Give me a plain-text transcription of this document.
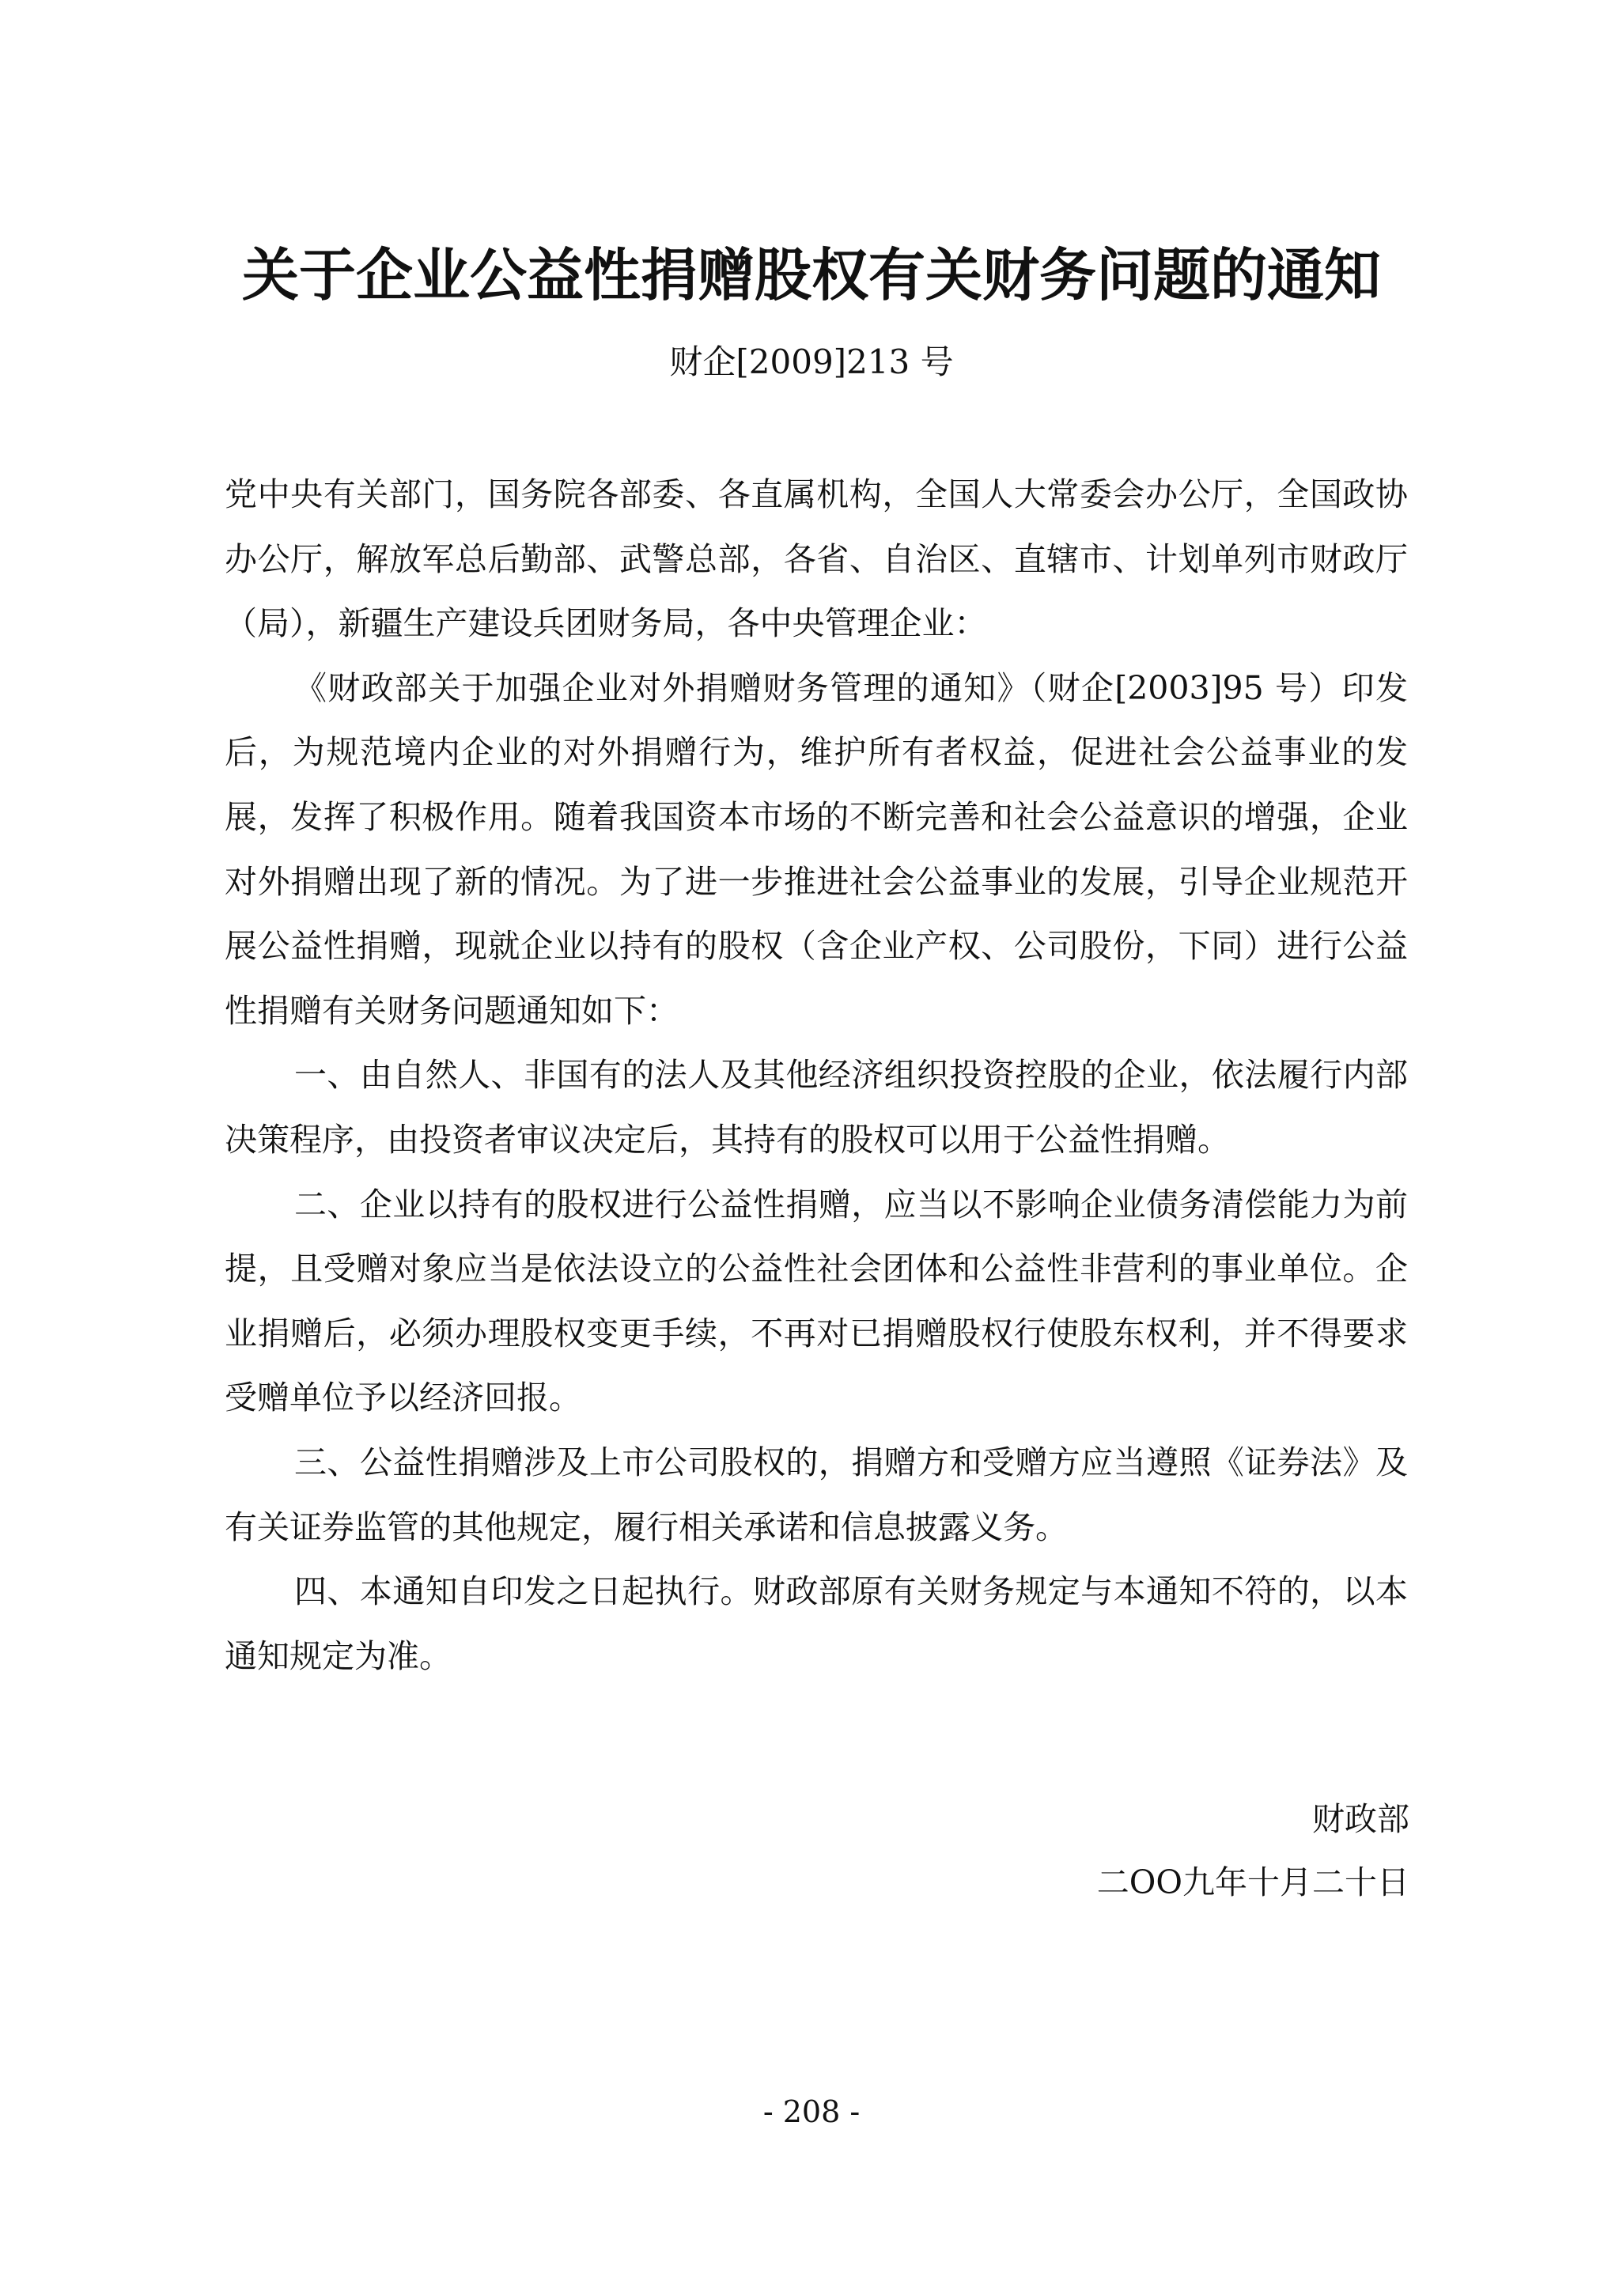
关于企业公益性捐赠股权有关财务问题的通知
财企[2009]213 号

党中央有关部门，国务院各部委、各直属机构，全国人大常委会办公厅，全国政协办公厅，解放军总后勤部、武警总部，各省、自治区、直辖市、计划单列市财政厅（局），新疆生产建设兵团财务局，各中央管理企业：

《财政部关于加强企业对外捐赠财务管理的通知》（财企[2003]95 号）印发后，为规范境内企业的对外捐赠行为，维护所有者权益，促进社会公益事业的发展，发挥了积极作用。随着我国资本市场的不断完善和社会公益意识的增强，企业对外捐赠出现了新的情况。为了进一步推进社会公益事业的发展，引导企业规范开展公益性捐赠，现就企业以持有的股权（含企业产权、公司股份，下同）进行公益性捐赠有关财务问题通知如下：

一、由自然人、非国有的法人及其他经济组织投资控股的企业，依法履行内部决策程序，由投资者审议决定后，其持有的股权可以用于公益性捐赠。

二、企业以持有的股权进行公益性捐赠，应当以不影响企业债务清偿能力为前提，且受赠对象应当是依法设立的公益性社会团体和公益性非营利的事业单位。企业捐赠后，必须办理股权变更手续，不再对已捐赠股权行使股东权利，并不得要求受赠单位予以经济回报。

三、公益性捐赠涉及上市公司股权的，捐赠方和受赠方应当遵照《证券法》及有关证券监管的其他规定，履行相关承诺和信息披露义务。

四、本通知自印发之日起执行。财政部原有关财务规定与本通知不符的，以本通知规定为准。

财政部
二OO九年十月二十日
- 208 -
